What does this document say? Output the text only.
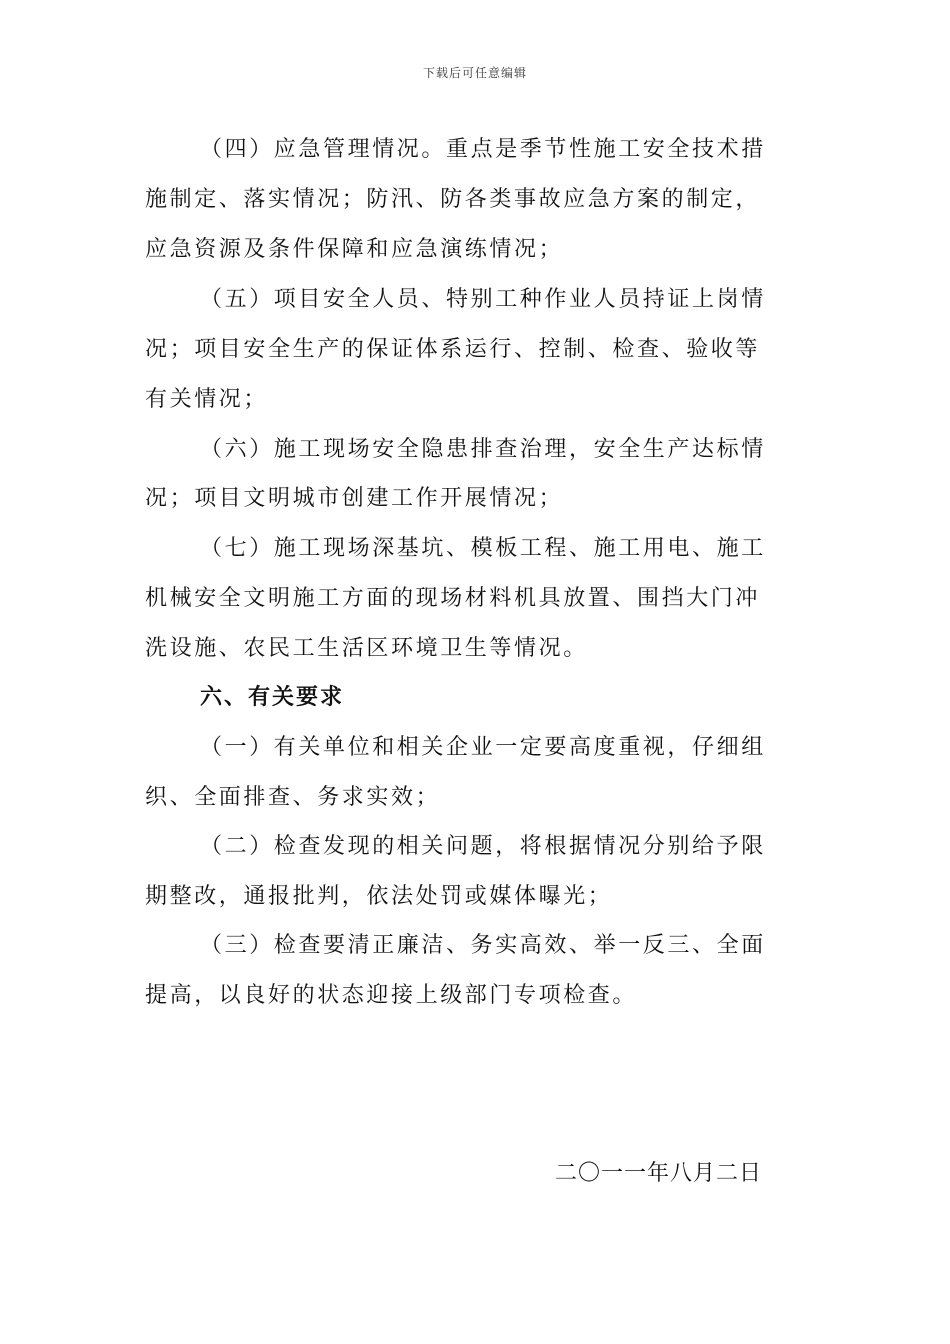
下载后可任意编辑
（四）应急管理情况。重点是季节性施工安全技术措
施制定、落实情况；防汛、防各类事故应急方案的制定，
应急资源及条件保障和应急演练情况；
（五）项目安全人员、特别工种作业人员持证上岗情
况；项目安全生产的保证体系运行、控制、检查、验收等
有关情况；
（六）施工现场安全隐患排查治理，安全生产达标情
况；项目文明城市创建工作开展情况；
（七）施工现场深基坑、模板工程、施工用电、施工
机械安全文明施工方面的现场材料机具放置、围挡大门冲
洗设施、农民工生活区环境卫生等情况。
六、有关要求
（一）有关单位和相关企业一定要高度重视，仔细组
织、全面排查、务求实效；
（二）检查发现的相关问题，将根据情况分别给予限
期整改，通报批判，依法处罚或媒体曝光；
（三）检查要清正廉洁、务实高效、举一反三、全面
提高，以良好的状态迎接上级部门专项检查。
二〇一一年八月二日
